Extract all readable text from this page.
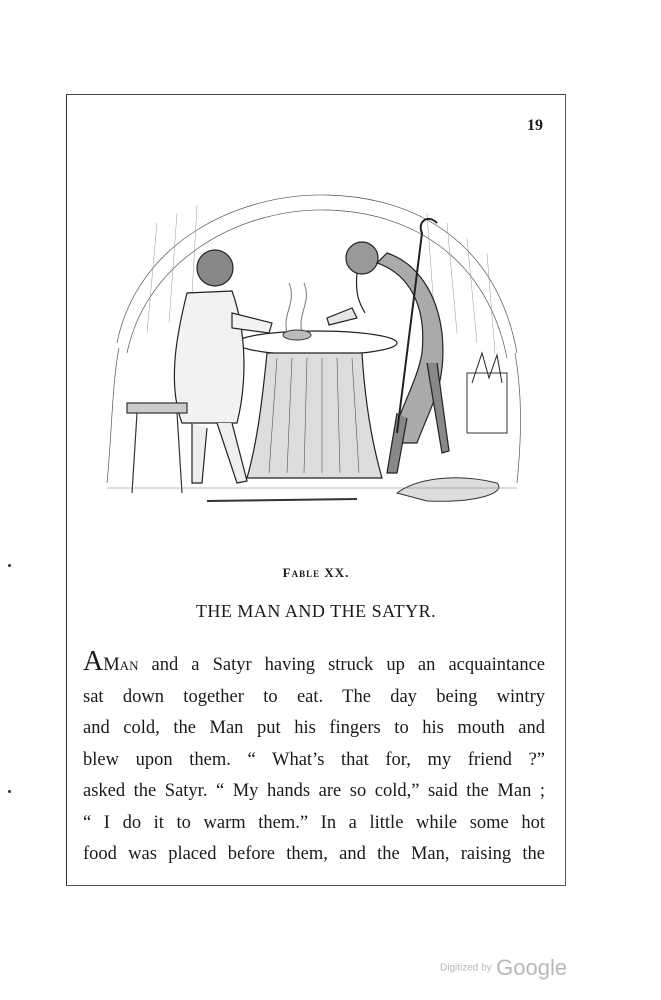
19
Fable XX.
THE MAN AND THE SATYR.
AMan and a Satyr having struck up an acquaintance
sat down together to eat. The day being wintry
and cold, the Man put his fingers to his mouth and
blew upon them. “ What’s that for, my friend ?”
asked the Satyr. “ My hands are so cold,” said the Man ;
“ I do it to warm them.” In a little while some hot
food was placed before them, and the Man, raising the
Digitized by Google
